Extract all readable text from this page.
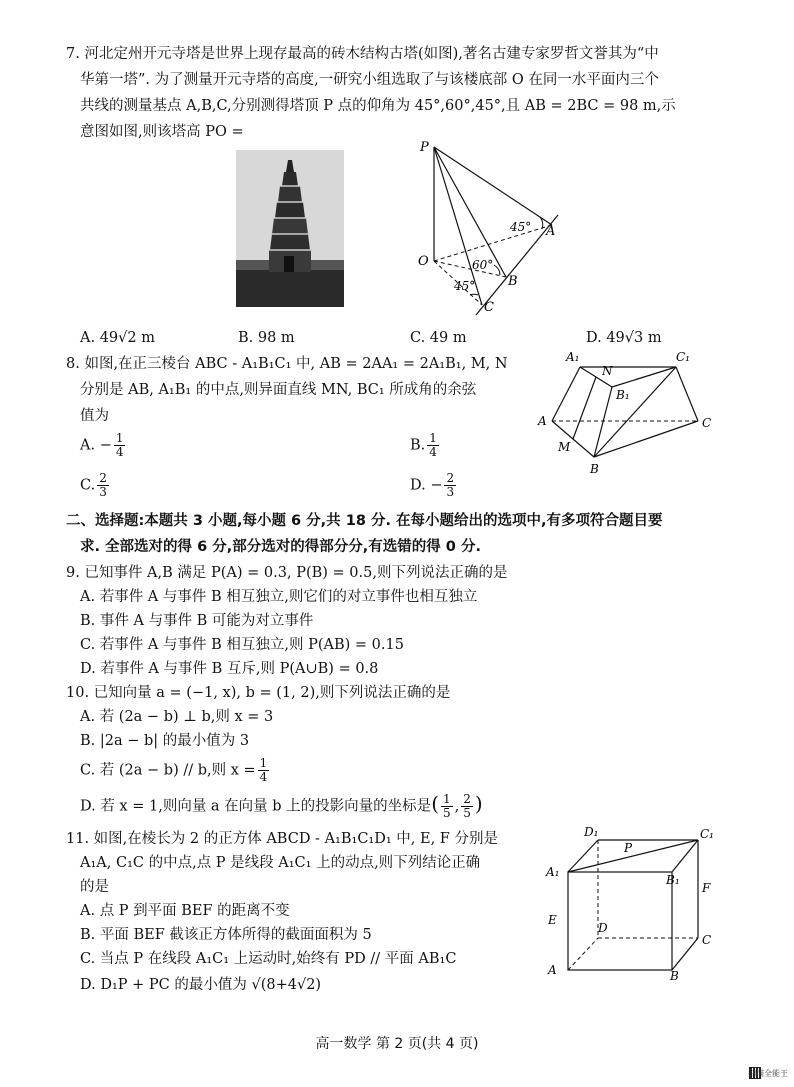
7. 河北定州开元寺塔是世界上现存最高的砖木结构古塔(如图),著名古建专家罗哲文誉其为“中
华第一塔”. 为了测量开元寺塔的高度,一研究小组选取了与该楼底部 O 在同一水平面内三个
共线的测量基点 A,B,C,分别测得塔顶 P 点的仰角为 45°,60°,45°,且 AB = 2BC = 98 m,示
意图如图,则该塔高 PO =
P
O
A
B
C
45°
60°
45°
A. 49√2 m	B. 98 m	C. 49 m	D. 49√3 m
8. 如图,在正三棱台 ABC - A₁B₁C₁ 中, AB = 2AA₁ = 2A₁B₁, M, N
分别是 AB, A₁B₁ 的中点,则异面直线 MN, BC₁ 所成角的余弦
值为
A. − $\frac{1}{4}$	B. $\frac{1}{4}$
C. $\frac{2}{3}$	D. − $\frac{2}{3}$
A₁
N
C₁
B₁
A	C
M
B
二、选择题:本题共 3 小题,每小题 6 分,共 18 分. 在每小题给出的选项中,有多项符合题目要
求. 全部选对的得 6 分,部分选对的得部分分,有选错的得 0 分.
9. 已知事件 A,B 满足 P(A) = 0.3, P(B) = 0.5,则下列说法正确的是
A. 若事件 A 与事件 B 相互独立,则它们的对立事件也相互独立
B. 事件 A 与事件 B 可能为对立事件
C. 若事件 A 与事件 B 相互独立,则 P(AB) = 0.15
D. 若事件 A 与事件 B 互斥,则 P(A∪B) = 0.8
10. 已知向量 a = (−1, x), b = (1, 2),则下列说法正确的是
A. 若 (2a − b) ⊥ b,则 x = 3
B. |2a − b| 的最小值为 3
C. 若 (2a − b) // b,则 $x = \frac{1}{4}$
D. 若 x = 1,则向量 a 在向量 b 上的投影向量的坐标是( $\frac{1}{5}$ , $\frac{2}{5}$ )
11. 如图,在棱长为 2 的正方体 ABCD - A₁B₁C₁D₁ 中, E, F 分别是
A₁A, C₁C 的中点,点 P 是线段 A₁C₁ 上的动点,则下列结论正确
的是
A. 点 P 到平面 BEF 的距离不变
B. 平面 BEF 截该正方体所得的截面面积为 5
C. 当点 P 在线段 A₁C₁ 上运动时,始终有 PD // 平面 AB₁C
D. D₁P + PC 的最小值为 √(8+4√2)
D₁	C₁
P
A₁
B₁
F
E
D
C
A	B
高一数学 第 2 页(共 4 页)
扫描全能王
